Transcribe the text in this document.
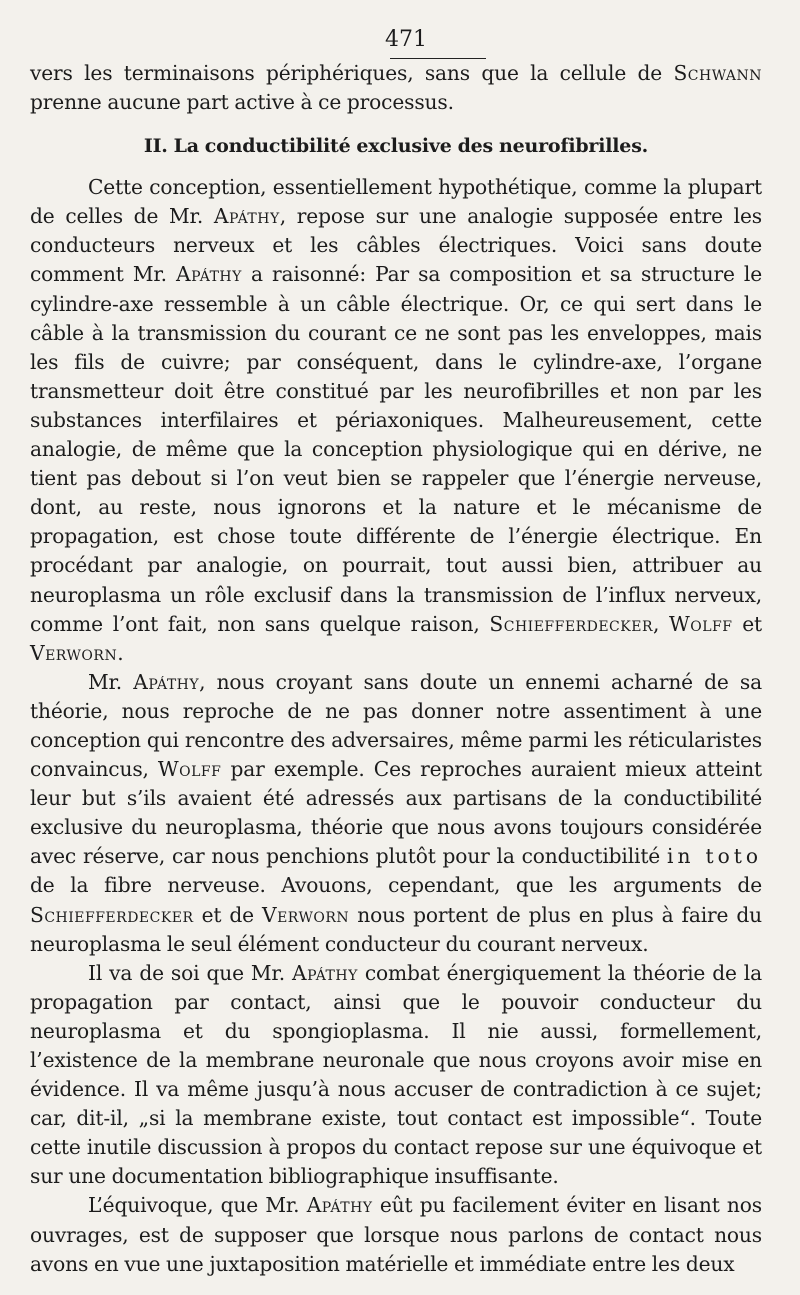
471

vers les terminaisons périphériques, sans que la cellule de Schwann prenne aucune part active à ce processus.

II. La conductibilité exclusive des neurofibrilles.

Cette conception, essentiellement hypothétique, comme la plupart de celles de Mr. Apáthy, repose sur une analogie supposée entre les conducteurs nerveux et les câbles électriques. Voici sans doute comment Mr. Apáthy a raisonné: Par sa composition et sa structure le cylindre-axe ressemble à un câble électrique. Or, ce qui sert dans le câble à la transmission du courant ce ne sont pas les enveloppes, mais les fils de cuivre; par conséquent, dans le cylindre-axe, l’organe transmetteur doit être constitué par les neurofibrilles et non par les substances interfilaires et périaxoniques. Malheureusement, cette analogie, de même que la conception physiologique qui en dérive, ne tient pas debout si l’on veut bien se rappeler que l’énergie nerveuse, dont, au reste, nous ignorons et la nature et le mécanisme de propagation, est chose toute différente de l’énergie électrique. En procédant par analogie, on pourrait, tout aussi bien, attribuer au neuroplasma un rôle exclusif dans la transmission de l’influx nerveux, comme l’ont fait, non sans quelque raison, Schiefferdecker, Wolff et Verworn.

Mr. Apáthy, nous croyant sans doute un ennemi acharné de sa théorie, nous reproche de ne pas donner notre assentiment à une conception qui rencontre des adversaires, même parmi les réticularistes convaincus, Wolff par exemple. Ces reproches auraient mieux atteint leur but s’ils avaient été adressés aux partisans de la conductibilité exclusive du neuroplasma, théorie que nous avons toujours considérée avec réserve, car nous penchions plutôt pour la conductibilité in toto de la fibre nerveuse. Avouons, cependant, que les arguments de Schiefferdecker et de Verworn nous portent de plus en plus à faire du neuroplasma le seul élément conducteur du courant nerveux.

Il va de soi que Mr. Apáthy combat énergiquement la théorie de la propagation par contact, ainsi que le pouvoir conducteur du neuroplasma et du spongioplasma. Il nie aussi, formellement, l’existence de la membrane neuronale que nous croyons avoir mise en évidence. Il va même jusqu’à nous accuser de contradiction à ce sujet; car, dit-il, „si la membrane existe, tout contact est impossible“. Toute cette inutile discussion à propos du contact repose sur une équivoque et sur une documentation bibliographique insuffisante.

L’équivoque, que Mr. Apáthy eût pu facilement éviter en lisant nos ouvrages, est de supposer que lorsque nous parlons de contact nous avons en vue une juxtaposition matérielle et immédiate entre les deux
